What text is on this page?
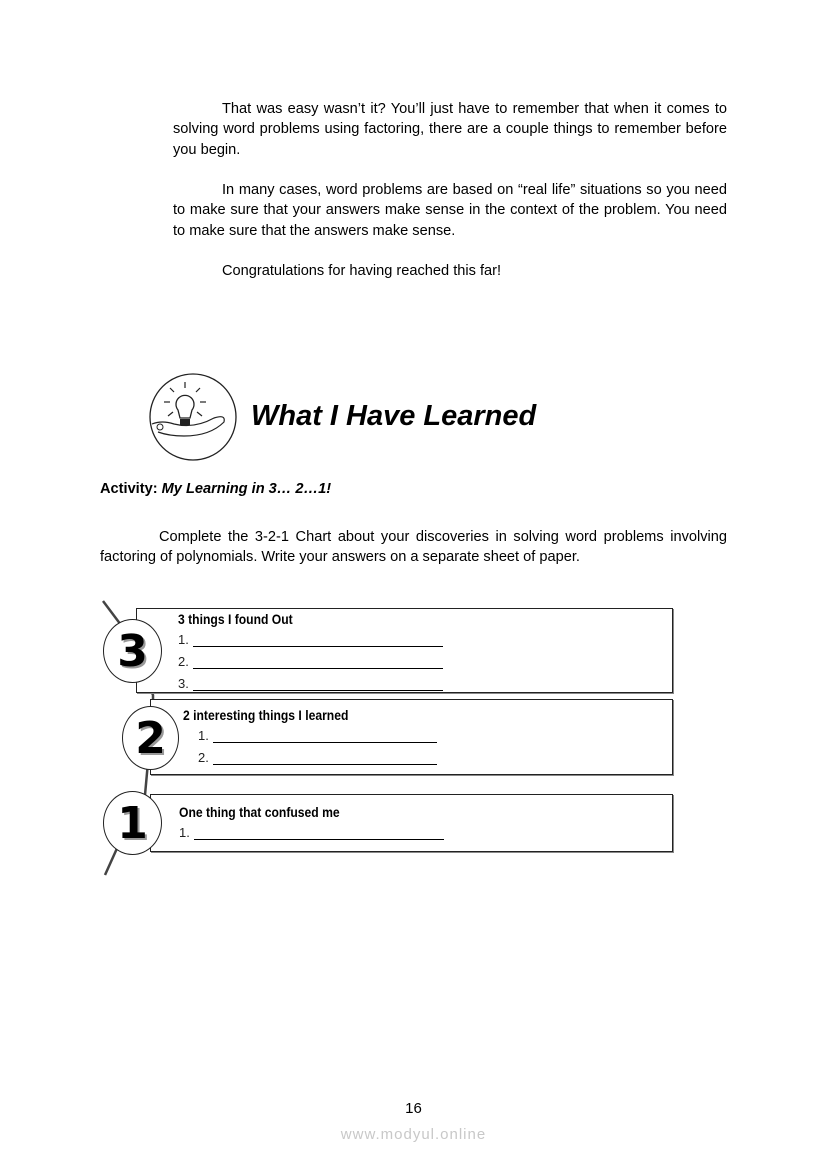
That was easy wasn’t it? You’ll just have to remember that when it comes to solving word problems using factoring, there are a couple things to remember before you begin.

In many cases, word problems are based on “real life” situations so you need to make sure that your answers make sense in the context of the problem. You need to make sure that the answers make sense.

Congratulations for having reached this far!

What I Have Learned
Activity: My Learning in 3… 2…1!

Complete the 3-2-1 Chart about your discoveries in solving word problems involving factoring of polynomials. Write your answers on a separate sheet of paper.

3 things I found Out
1.
2.
3.
2 interesting things I learned
1.
2.
One thing that confused me
1.
3
2
1
16
www.modyul.online
